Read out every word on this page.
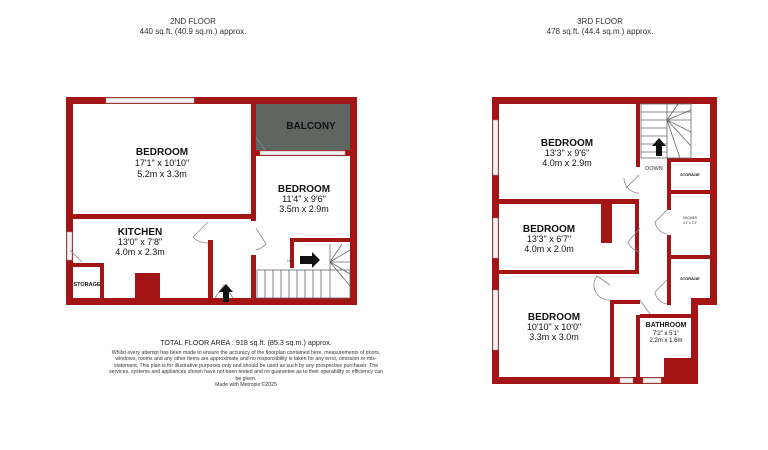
2ND FLOOR
440 sq.ft. (40.9 sq.m.) approx.
3RD FLOOR
478 sq.ft. (44.4 sq.m.) approx.
BEDROOM
17'1" x 10'10"
5.2m x 3.3m
BALCONY
BEDROOM
11'4" x 9'6"
3.5m x 2.9m
KITCHEN
13'0" x 7'8"
4.0m x 2.3m
STORAGE
UP
BEDROOM
13'3" x 9'6"
4.0m x 2.9m
BEDROOM
13'3" x 6'7"
4.0m x 2.0m
BEDROOM
10'10" x 10'0"
3.3m x 3.0m
BATHROOM
7'2" x 5'1"
2.2m x 1.6m
STORAGE
STORAGE
SHOWER
4'1" x 3'3"
DOWN
TOTAL FLOOR AREA : 918 sq.ft. (85.3 sq.m.) approx.
Whilst every attempt has been made to ensure the accuracy of the floorplan contained here, measurements of doors, windows, rooms and any other items are approximate and no responsibility is taken for any error, omission or mis-statement. This plan is for illustrative purposes only and should be used as such by any prospective purchaser. The services, systems and appliances shown have not been tested and no guarantee as to their operability or efficiency can be given.
Made with Metropix ©2025
